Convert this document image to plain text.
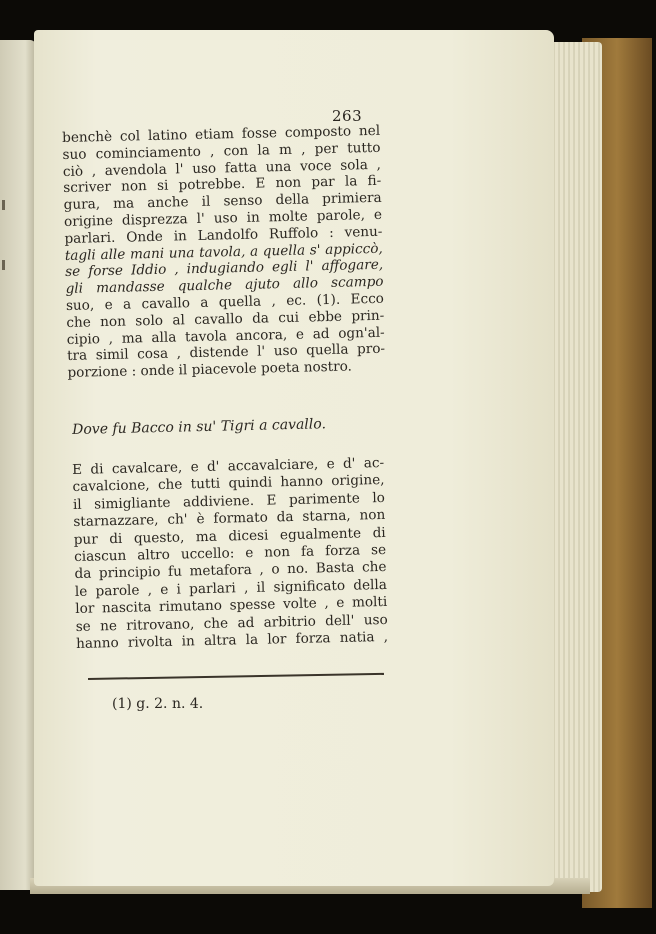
263
benchè col latino etiam fosse composto nel
suo cominciamento , con la m , per tutto
ciò , avendola l' uso fatta una voce sola ,
scriver non si potrebbe. E non par la fi-
gura, ma anche il senso della primiera
origine disprezza l' uso in molte parole, e
parlari. Onde in Landolfo Ruffolo : venu-
tagli alle mani una tavola, a quella s' appiccò,
se forse Iddio , indugiando egli l' affogare,
gli mandasse qualche ajuto allo scampo
suo, e a cavallo a quella , ec. (1). Ecco
che non solo al cavallo da cui ebbe prin-
cipio , ma alla tavola ancora, e ad ogn'al-
tra simil cosa , distende l' uso quella pro-
porzione : onde il piacevole poeta nostro.
Dove fu Bacco in su' Tigri a cavallo.
E di cavalcare, e d' accavalciare, e d' ac-
cavalcione, che tutti quindi hanno origine,
il simigliante addiviene. E parimente lo
starnazzare, ch' è formato da starna, non
pur di questo, ma dicesi egualmente di
ciascun altro uccello: e non fa forza se
da principio fu metafora , o no. Basta che
le parole , e i parlari , il significato della
lor nascita rimutano spesse volte , e molti
se ne ritrovano, che ad arbitrio dell' uso
hanno rivolta in altra la lor forza natia ,
(1) g. 2. n. 4.
